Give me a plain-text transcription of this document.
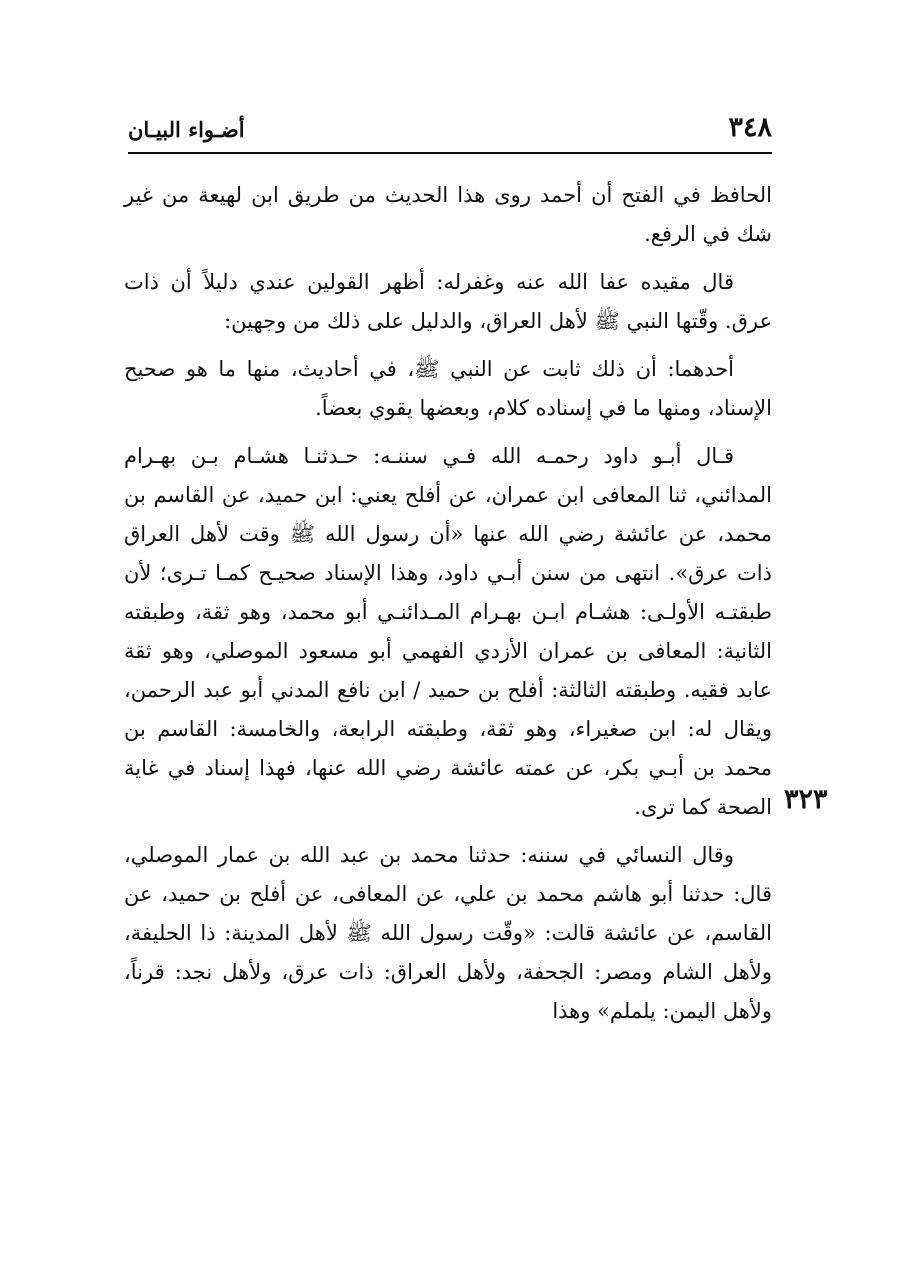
٣٤٨
أضـواء البيـان
٣٢٣

الحافظ في الفتح أن أحمد روى هذا الحديث من طريق ابن لهيعة من غير شك في الرفع.

قال مقيده عفا الله عنه وغفرله: أظهر القولين عندي دليلاً أن ذات عرق. وقّتها النبي ﷺ لأهل العراق، والدليل على ذلك من وجهين:

أحدهما: أن ذلك ثابت عن النبي ﷺ، في أحاديث، منها ما هو صحيح الإسناد، ومنها ما في إسناده كلام، وبعضها يقوي بعضاً.

قـال أبـو داود رحمـه الله فـي سننـه: حـدثنـا هشـام بـن بهـرام المدائني، ثنا المعافى ابن عمران، عن أفلح يعني: ابن حميد، عن القاسم بن محمد، عن عائشة رضي الله عنها «أن رسول الله ﷺ وقت لأهل العراق ذات عرق». انتهى من سنن أبـي داود، وهذا الإسناد صحيـح كمـا تـرى؛ لأن طبقتـه الأولـى: هشـام ابـن بهـرام المـدائنـي أبو محمد، وهو ثقة، وطبقته الثانية: المعافى بن عمران الأزدي الفهمي أبو مسعود الموصلي، وهو ثقة عابد فقيه. وطبقته الثالثة: أفلح بن حميد / ابن نافع المدني أبو عبد الرحمن، ويقال له: ابن صغيراء، وهو ثقة، وطبقته الرابعة، والخامسة: القاسم بن محمد بن أبـي بكر، عن عمته عائشة رضي الله عنها، فهذا إسناد في غاية الصحة كما ترى.

وقال النسائي في سننه: حدثنا محمد بن عبد الله بن عمار الموصلي، قال: حدثنا أبو هاشم محمد بن علي، عن المعافى، عن أفلح بن حميد، عن القاسم، عن عائشة قالت: «وقّت رسول الله ﷺ لأهل المدينة: ذا الحليفة، ولأهل الشام ومصر: الجحفة، ولأهل العراق: ذات عرق، ولأهل نجد: قرناً، ولأهل اليمن: يلملم» وهذا
